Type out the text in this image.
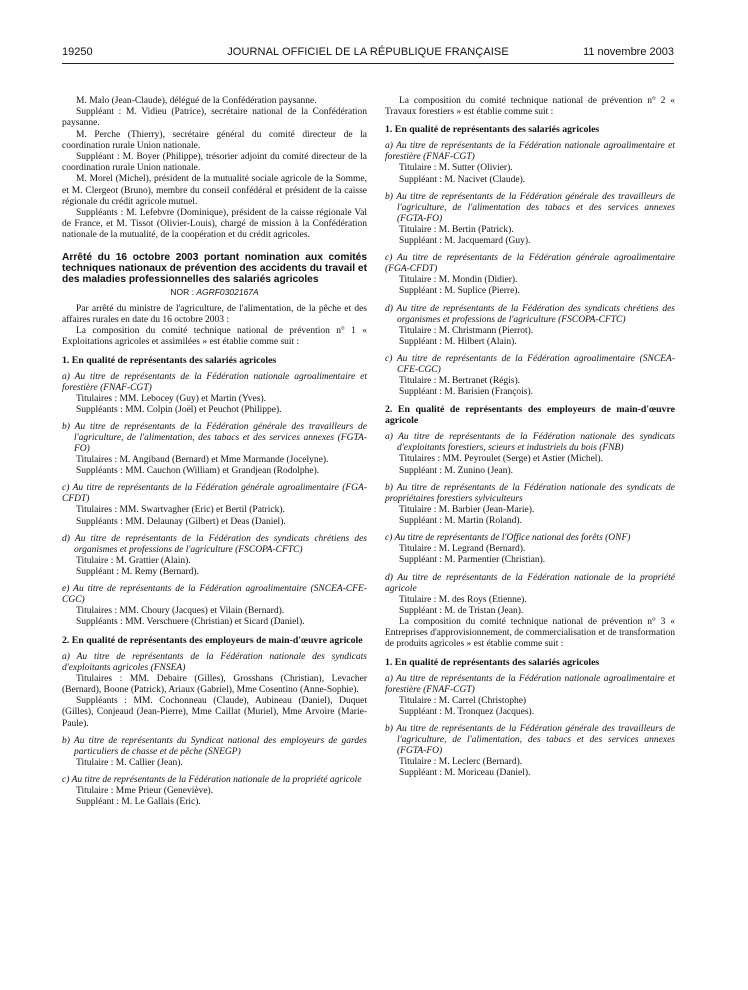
19250	JOURNAL OFFICIEL DE LA RÉPUBLIQUE FRANÇAISE	11 novembre 2003

M. Malo (Jean-Claude), délégué de la Confédération paysanne.

Suppléant : M. Vidieu (Patrice), secrétaire national de la Confédération paysanne.

M. Perche (Thierry), secrétaire général du comité directeur de la coordination rurale Union nationale.

Suppléant : M. Boyer (Philippe), trésorier adjoint du comité directeur de la coordination rurale Union nationale.

M. Morel (Michel), président de la mutualité sociale agricole de la Somme, et M. Clergeot (Bruno), membre du conseil confédéral et président de la caisse régionale du crédit agricole mutuel.

Suppléants : M. Lefebvre (Dominique), président de la caisse régionale Val de France, et M. Tissot (Olivier-Louis), chargé de mission à la Confédération nationale de la mutualité, de la coopération et du crédit agricoles.

Arrêté du 16 octobre 2003 portant nomination aux comités techniques nationaux de prévention des accidents du travail et des maladies professionnelles des salariés agricoles

NOR : AGRF0302167A

Par arrêté du ministre de l'agriculture, de l'alimentation, de la pêche et des affaires rurales en date du 16 octobre 2003 :

La composition du comité technique national de prévention n° 1 « Exploitations agricoles et assimilées » est établie comme suit :

1. En qualité de représentants des salariés agricoles

a) Au titre de représentants de la Fédération nationale agroalimentaire et forestière (FNAF-CGT)

Titulaires : MM. Lebocey (Guy) et Martin (Yves).

Suppléants : MM. Colpin (Joël) et Peuchot (Philippe).

b) Au titre de représentants de la Fédération générale des travailleurs de l'agriculture, de l'alimentation, des tabacs et des services annexes (FGTA-FO)

Titulaires : M. Angibaud (Bernard) et Mme Marmande (Jocelyne).

Suppléants : MM. Cauchon (William) et Grandjean (Rodolphe).

c) Au titre de représentants de la Fédération générale agroalimentaire (FGA-CFDT)

Titulaires : MM. Swartvagher (Eric) et Bertil (Patrick).

Suppléants : MM. Delaunay (Gilbert) et Deas (Daniel).

d) Au titre de représentants de la Fédération des syndicats chrétiens des organismes et professions de l'agriculture (FSCOPA-CFTC)

Titulaire : M. Grattier (Alain).

Suppléant : M. Remy (Bernard).

e) Au titre de représentants de la Fédération agroalimentaire (SNCEA-CFE-CGC)

Titulaires : MM. Choury (Jacques) et Vilain (Bernard).

Suppléants : MM. Verschuere (Christian) et Sicard (Daniel).

2. En qualité de représentants des employeurs de main-d'œuvre agricole

a) Au titre de représentants de la Fédération nationale des syndicats d'exploitants agricoles (FNSEA)

Titulaires : MM. Debaire (Gilles), Grosshans (Christian), Levacher (Bernard), Boone (Patrick), Ariaux (Gabriel), Mme Cosentino (Anne-Sophie).

Suppléants : MM. Cochonneau (Claude), Aubineau (Daniel), Duquet (Gilles), Conjeaud (Jean-Pierre), Mme Caillat (Muriel), Mme Arvoire (Marie-Paule).

b) Au titre de représentants du Syndicat national des employeurs de gardes particuliers de chasse et de pêche (SNEGP)

Titulaire : M. Callier (Jean).

c) Au titre de représentants de la Fédération nationale de la propriété agricole

Titulaire : Mme Prieur (Geneviève).

Suppléant : M. Le Gallais (Eric).

La composition du comité technique national de prévention n° 2 « Travaux forestiers » est établie comme suit :

1. En qualité de représentants des salariés agricoles

a) Au titre de représentants de la Fédération nationale agroalimentaire et forestière (FNAF-CGT)

Titulaire : M. Sutter (Olivier).

Suppléant : M. Nacivet (Claude).

b) Au titre de représentants de la Fédération générale des travailleurs de l'agriculture, de l'alimentation des tabacs et des services annexes (FGTA-FO)

Titulaire : M. Bertin (Patrick).

Suppléant : M. Jacquemard (Guy).

c) Au titre de représentants de la Fédération générale agroalimentaire (FGA-CFDT)

Titulaire : M. Mondin (Didier).

Suppléant : M. Suplice (Pierre).

d) Au titre de représentants de la Fédération des syndicats chrétiens des organismes et professions de l'agriculture (FSCOPA-CFTC)

Titulaire : M. Christmann (Pierrot).

Suppléant : M. Hilbert (Alain).

c) Au titre de représentants de la Fédération agroalimentaire (SNCEA-CFE-CGC)

Titulaire : M. Bertranet (Régis).

Suppléant : M. Barisien (François).

2. En qualité de représentants des employeurs de main-d'œuvre agricole

a) Au titre de représentants de la Fédération nationale des syndicats d'exploitants forestiers, scieurs et industriels du bois (FNB)

Titulaires : MM. Peyroulet (Serge) et Astier (Michel).

Suppléant : M. Zunino (Jean).

b) Au titre de représentants de la Fédération nationale des syndicats de propriétaires forestiers sylviculteurs

Titulaire : M. Barbier (Jean-Marie).

Suppléant : M. Martin (Roland).

c) Au titre de représentants de l'Office national des forêts (ONF)

Titulaire : M. Legrand (Bernard).

Suppléant : M. Parmentier (Christian).

d) Au titre de représentants de la Fédération nationale de la propriété agricole

Titulaire : M. des Roys (Etienne).

Suppléant : M. de Tristan (Jean).

La composition du comité technique national de prévention n° 3 « Entreprises d'approvisionnement, de commercialisation et de transformation de produits agricoles » est établie comme suit :

1. En qualité de représentants des salariés agricoles

a) Au titre de représentants de la Fédération nationale agroalimentaire et forestière (FNAF-CGT)

Titulaire : M. Carrel (Christophe)

Suppléant : M. Tronquez (Jacques).

b) Au titre de représentants de la Fédération générale des travailleurs de l'agriculture, de l'alimentation, des tabacs et des services annexes (FGTA-FO)

Titulaire : M. Leclerc (Bernard).

Suppléant : M. Moriceau (Daniel).
